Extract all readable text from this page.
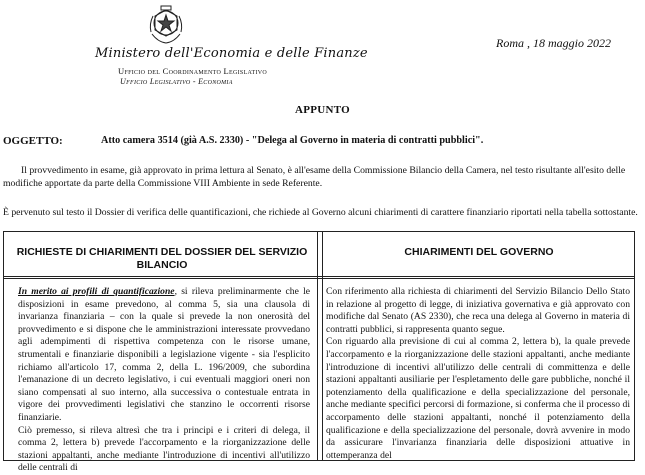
Ministero dell'Economia e delle Finanze
Ufficio del Coordinamento Legislativo
Ufficio Legislativo - Economia
Roma , 18 maggio 2022
APPUNTO
OGGETTO:	Atto camera 3514 (già A.S. 2330) - "Delega al Governo in materia di contratti pubblici".
Il provvedimento in esame, già approvato in prima lettura al Senato, è all'esame della Commissione Bilancio della Camera, nel testo risultante all'esito delle modifiche apportate da parte della Commissione VIII Ambiente in sede Referente.
È pervenuto sul testo il Dossier di verifica delle quantificazioni, che richiede al Governo alcuni chiarimenti di carattere finanziario riportati nella tabella sottostante.
RICHIESTE DI CHIARIMENTI DEL DOSSIER DEL SERVIZIO BILANCIO
CHIARIMENTI DEL GOVERNO

In merito ai profili di quantificazione, si rileva preliminarmente che le disposizioni in esame prevedono, al comma 5, sia una clausola di invarianza finanziaria – con la quale si prevede la non onerosità del provvedimento e si dispone che le amministrazioni interessate provvedano agli adempimenti di rispettiva competenza con le risorse umane, strumentali e finanziarie disponibili a legislazione vigente - sia l'esplicito richiamo all'articolo 17, comma 2, della L. 196/2009, che subordina l'emanazione di un decreto legislativo, i cui eventuali maggiori oneri non siano compensati al suo interno, alla successiva o contestuale entrata in vigore dei provvedimenti legislativi che stanzino le occorrenti risorse finanziarie.

Ciò premesso, si rileva altresì che tra i principi e i criteri di delega, il comma 2, lettera b) prevede l'accorpamento e la riorganizzazione delle stazioni appaltanti, anche mediante l'introduzione di incentivi all'utilizzo delle centrali di

Con riferimento alla richiesta di chiarimenti del Servizio Bilancio Dello Stato in relazione al progetto di legge, di iniziativa governativa e già approvato con modifiche dal Senato (AS 2330), che reca una delega al Governo in materia di contratti pubblici, si rappresenta quanto segue.

Con riguardo alla previsione di cui al comma 2, lettera b), la quale prevede l'accorpamento e la riorganizzazione delle stazioni appaltanti, anche mediante l'introduzione di incentivi all'utilizzo delle centrali di committenza e delle stazioni appaltanti ausiliarie per l'espletamento delle gare pubbliche, nonché il potenziamento della qualificazione e della specializzazione del personale, anche mediante specifici percorsi di formazione, si conferma che il processo di accorpamento delle stazioni appaltanti, nonché il potenziamento della qualificazione e della specializzazione del personale, dovrà avvenire in modo da assicurare l'invarianza finanziaria delle disposizioni attuative in ottemperanza del
